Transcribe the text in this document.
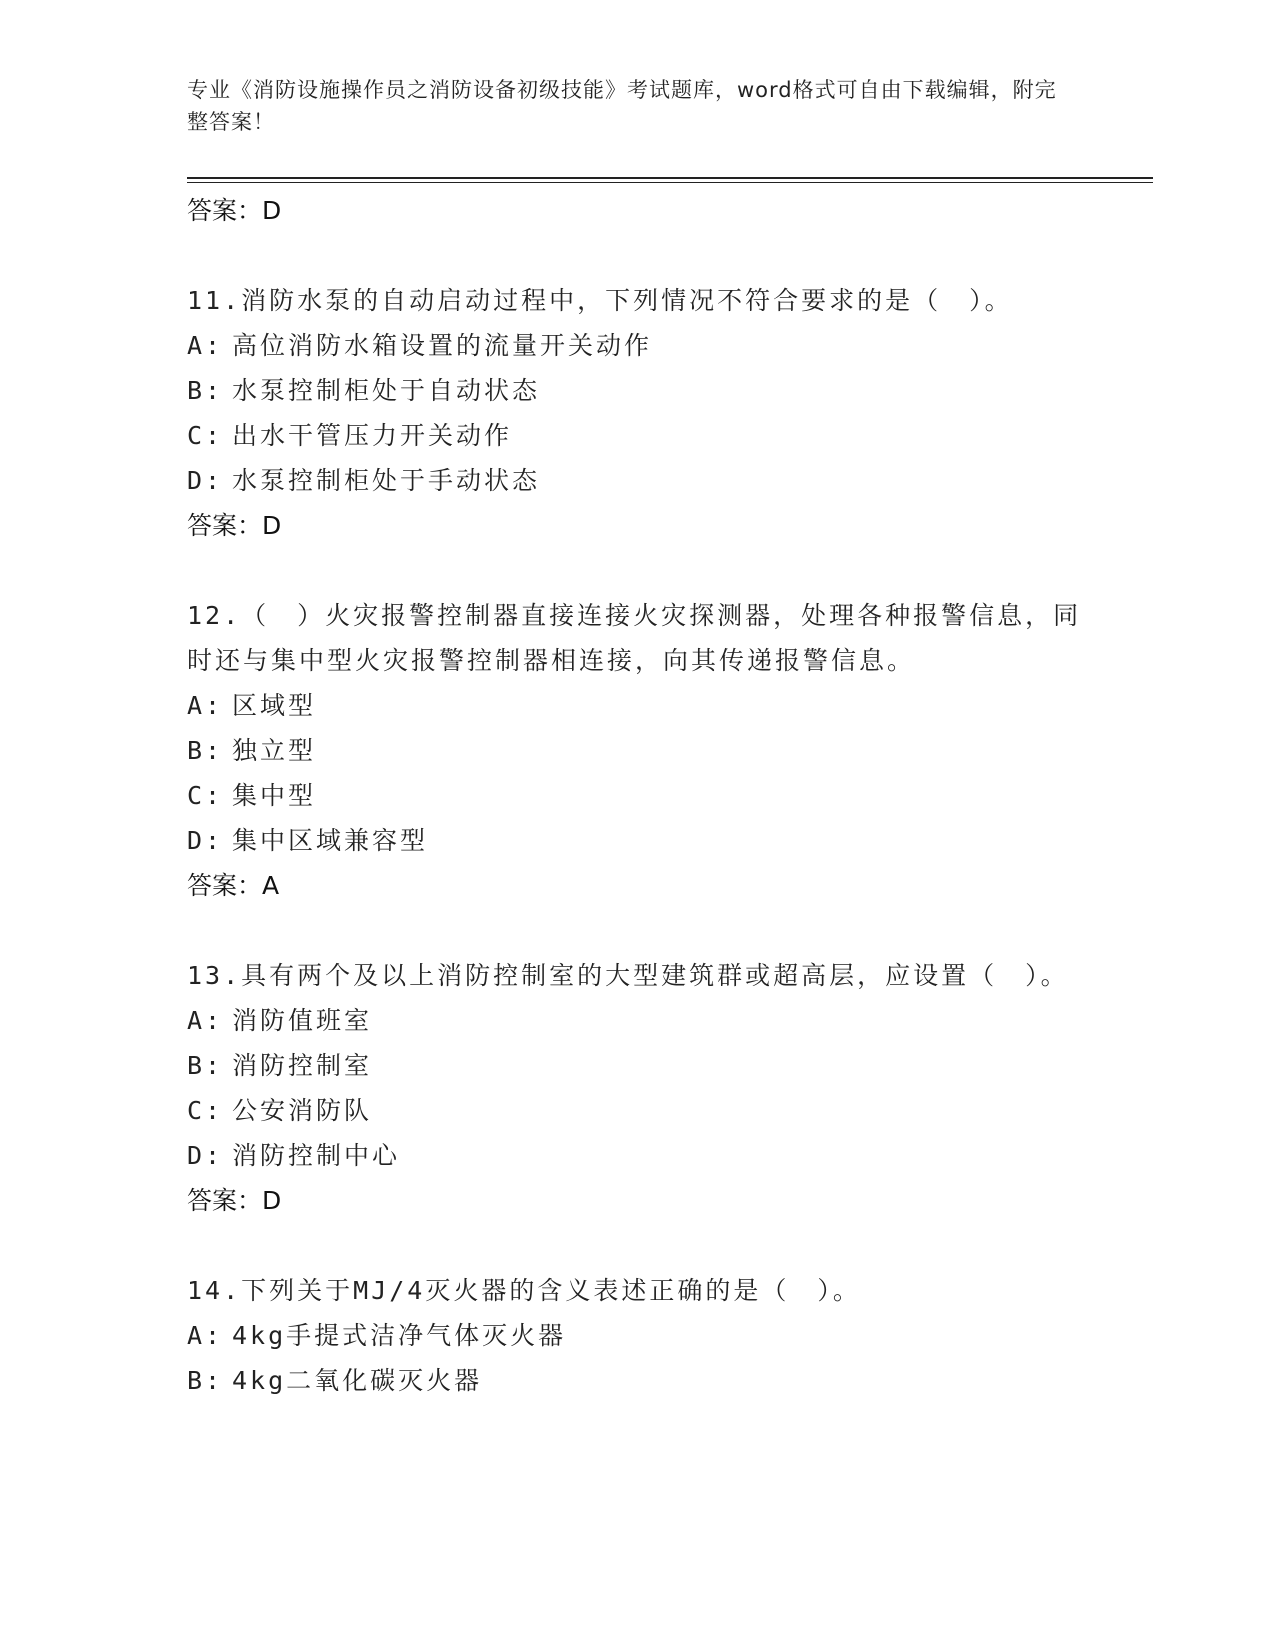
专业《消防设施操作员之消防设备初级技能》考试题库，word格式可自由下载编辑，附完整答案！
答案：D
11.消防水泵的自动启动过程中，下列情况不符合要求的是（　）。
A: 高位消防水箱设置的流量开关动作
B: 水泵控制柜处于自动状态
C: 出水干管压力开关动作
D: 水泵控制柜处于手动状态
答案：D
12.（　）火灾报警控制器直接连接火灾探测器，处理各种报警信息，同时还与集中型火灾报警控制器相连接，向其传递报警信息。
A: 区域型
B: 独立型
C: 集中型
D: 集中区域兼容型
答案：A
13.具有两个及以上消防控制室的大型建筑群或超高层，应设置（　）。
A: 消防值班室
B: 消防控制室
C: 公安消防队
D: 消防控制中心
答案：D
14.下列关于MJ/4灭火器的含义表述正确的是（　）。
A: 4kg手提式洁净气体灭火器
B: 4kg二氧化碳灭火器
